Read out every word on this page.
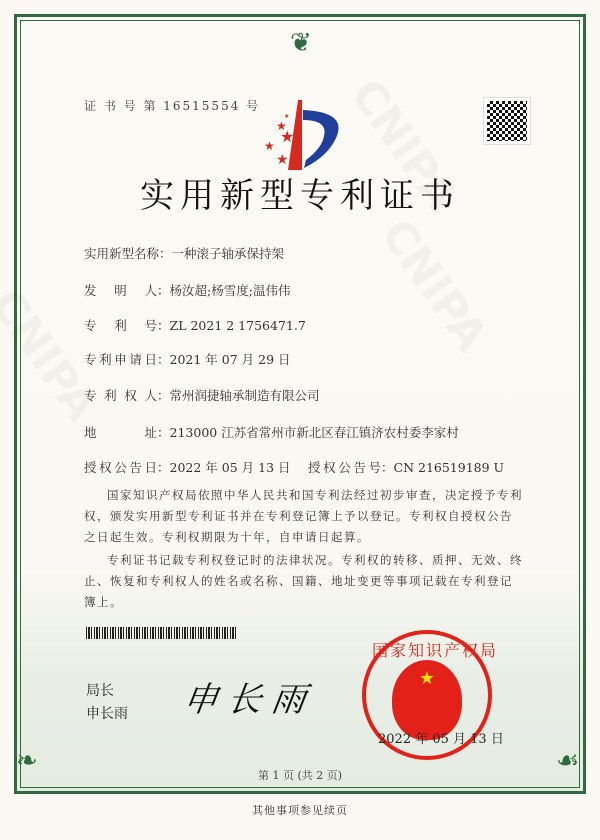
❦
❧	☙
证 书 号 第 16515554 号
★
★
★
★
★
实用新型专利证书
实用新型名称：一种滚子轴承保持架
发明人：杨汝超;杨雪度;温伟伟
专利号：ZL 2021 2 1756471.7
专利申请日：2021 年 07 月 29 日
专利权人：常州润捷轴承制造有限公司
地址：213000 江苏省常州市新北区春江镇济农村委李家村
授权公告日：2022 年 05 月 13 日 授权公告号：CN 216519189 U
国家知识产权局依照中华人民共和国专利法经过初步审查，决定授予专利权，颁发实用新型专利证书并在专利登记簿上予以登记。专利权自授权公告之日起生效。专利权期限为十年，自申请日起算。
专利证书记载专利权登记时的法律状况。专利权的转移、质押、无效、终止、恢复和专利权人的姓名或名称、国籍、地址变更等事项记载在专利登记簿上。
局长
申长雨 申长雨
★
国家知识产权局
2022 年 05 月 13 日
第 1 页 (共 2 页)
其他事项参见续页
